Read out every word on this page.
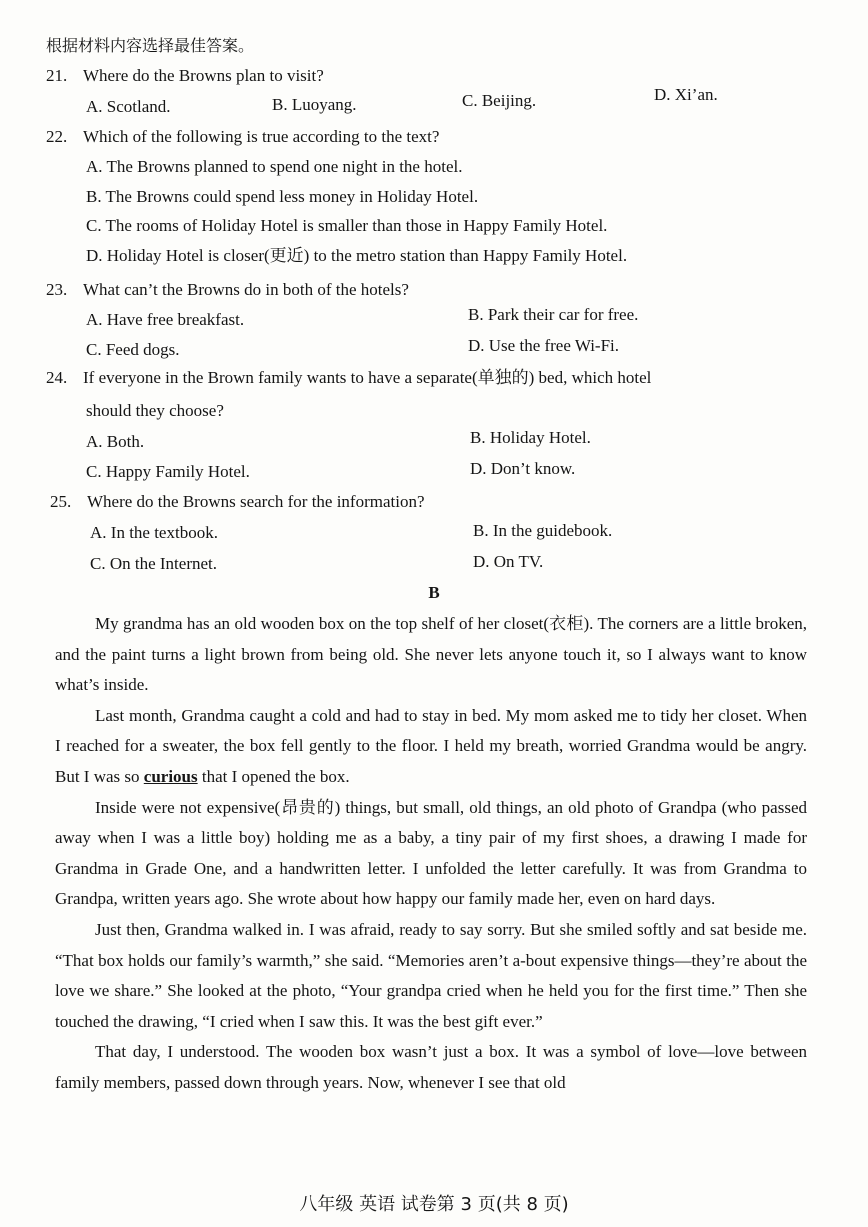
根据材料内容选择最佳答案。
21. Where do the Browns plan to visit?
A. Scotland.	B. Luoyang.	C. Beijing.	D. Xi’an.
22. Which of the following is true according to the text?
A. The Browns planned to spend one night in the hotel.
B. The Browns could spend less money in Holiday Hotel.
C. The rooms of Holiday Hotel is smaller than those in Happy Family Hotel.
D. Holiday Hotel is closer(更近) to the metro station than Happy Family Hotel.
23. What can’t the Browns do in both of the hotels?
A. Have free breakfast.	B. Park their car for free.
C. Feed dogs.	D. Use the free Wi-Fi.
24. If everyone in the Brown family wants to have a separate(单独的) bed, which hotel
should they choose?
A. Both.	B. Holiday Hotel.
C. Happy Family Hotel.	D. Don’t know.
25. Where do the Browns search for the information?
A. In the textbook.	B. In the guidebook.
C. On the Internet.	D. On TV.
B

My grandma has an old wooden box on the top shelf of her closet(衣柜). The corners are a little broken, and the paint turns a light brown from being old. She never lets anyone touch it, so I always want to know what’s inside.

Last month, Grandma caught a cold and had to stay in bed. My mom asked me to tidy her closet. When I reached for a sweater, the box fell gently to the floor. I held my breath, worried Grandma would be angry. But I was so curious that I opened the box.

Inside were not expensive(昂贵的) things, but small, old things, an old photo of Grandpa (who passed away when I was a little boy) holding me as a baby, a tiny pair of my first shoes, a drawing I made for Grandma in Grade One, and a handwritten letter. I unfolded the letter carefully. It was from Grandma to Grandpa, written years ago. She wrote about how happy our family made her, even on hard days.

Just then, Grandma walked in. I was afraid, ready to say sorry. But she smiled softly and sat beside me. “That box holds our family’s warmth,” she said. “Memories aren’t a-bout expensive things—they’re about the love we share.” She looked at the photo, “Your grandpa cried when he held you for the first time.” Then she touched the drawing, “I cried when I saw this. It was the best gift ever.”

That day, I understood. The wooden box wasn’t just a box. It was a symbol of love—love between family members, passed down through years. Now, whenever I see that old

八年级 英语 试卷第 3 页(共 8 页)
